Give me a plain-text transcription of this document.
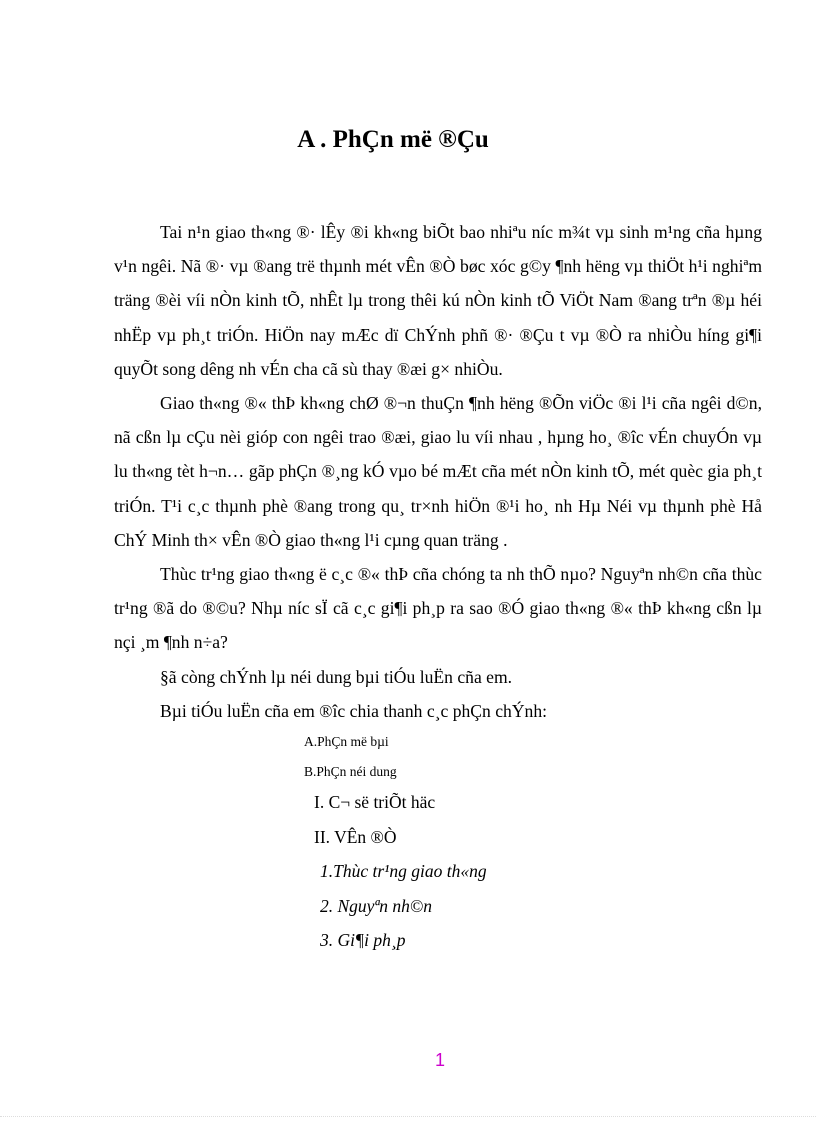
A . PhÇn më ®Çu

Tai n¹n giao th«ng ®· lÊy ®i kh«ng biÕt bao nhiªu níc m¾t vµ sinh m¹ng cña hµng v¹n ngêi. Nã ®· vµ ®ang trë thµnh mét vÊn ®Ò bøc xóc g©y ¶nh hëng vµ thiÖt h¹i nghiªm träng ®èi víi nÒn kinh tÕ, nhÊt lµ trong thêi kú nÒn kinh tÕ ViÖt Nam ®ang trªn ®µ héi nhËp vµ ph¸t triÓn. HiÖn nay mÆc dï ChÝnh phñ ®· ®Çu t vµ ®Ò ra nhiÒu híng gi¶i quyÕt song dêng nh vÉn cha cã sù thay ®æi g× nhiÒu.

Giao th«ng ®« thÞ kh«ng chØ ®¬n thuÇn ¶nh hëng ®Õn viÖc ®i l¹i cña ngêi d©n, nã cßn lµ cÇu nèi gióp con ngêi trao ®æi, giao lu víi nhau , hµng ho¸ ®îc vÉn chuyÓn vµ lu th«ng tèt h¬n… gãp phÇn ®¸ng kÓ vµo bé mÆt cña mét nÒn kinh tÕ, mét quèc gia ph¸t triÓn. T¹i c¸c thµnh phè ®ang trong qu¸ tr×nh hiÖn ®¹i ho¸ nh Hµ Néi vµ thµnh phè Hå ChÝ Minh th× vÊn ®Ò giao th«ng l¹i cµng quan träng .

Thùc tr¹ng giao th«ng ë c¸c ®« thÞ cña chóng ta nh thÕ nµo? Nguyªn nh©n cña thùc tr¹ng ®ã do ®©u? Nhµ níc sÏ cã c¸c gi¶i ph¸p ra sao ®Ó giao th«ng ®« thÞ kh«ng cßn lµ nçi ¸m ¶nh n÷a?

§ã còng chÝnh lµ néi dung bµi tiÓu luËn cña em.

Bµi tiÓu luËn cña em ®îc chia thanh c¸c phÇn chÝnh:

A.PhÇn më bµi
B.PhÇn néi dung
I. C¬ së triÕt häc
II. VÊn ®Ò
1.Thùc tr¹ng giao th«ng
2. Nguyªn nh©n
3. Gi¶i ph¸p
1
